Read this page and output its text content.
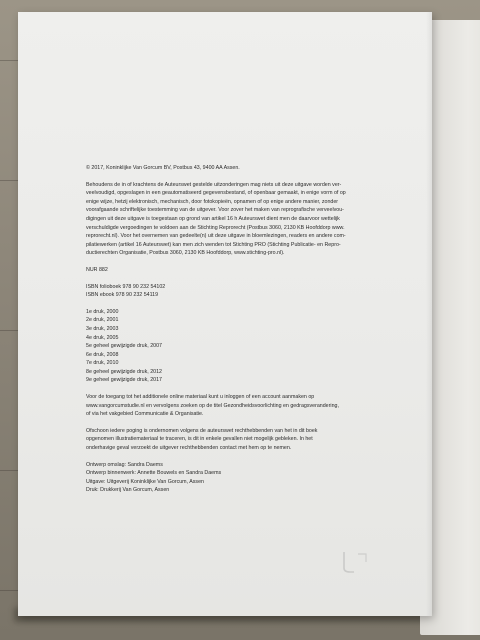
© 2017, Koninklijke Van Gorcum BV, Postbus 43, 9400 AA Assen.

Behoudens de in of krachtens de Auteurswet gestelde uitzonderingen mag niets uit deze uitgave worden ver-
veelvoudigd, opgeslagen in een geautomatiseerd gegevensbestand, of openbaar gemaakt, in enige vorm of op
enige wijze, hetzij elektronisch, mechanisch, door fotokopieën, opnamen of op enige andere manier, zonder
voorafgaande schriftelijke toestemming van de uitgever. Voor zover het maken van reprografische verveelvou-
digingen uit deze uitgave is toegestaan op grond van artikel 16 h Auteurswet dient men de daarvoor wettelijk
verschuldigde vergoedingen te voldoen aan de Stichting Reprorecht (Postbus 3060, 2130 KB Hoofddorp www.
reprorecht.nl). Voor het overnemen van gedeelte(n) uit deze uitgave in bloemlezingen, readers en andere com-
pilatiewerken (artikel 16 Auteurswet) kan men zich wenden tot Stichting PRO (Stichting Publicatie- en Repro-
ductierechten Organisatie, Postbus 3060, 2130 KB Hoofddorp, www.stichting-pro.nl).

NUR 882

ISBN folioboek 978 90 232 54102
ISBN ebook 978 90 232 54119

1e druk, 2000
2e druk, 2001
3e druk, 2003
4e druk, 2005
5e geheel gewijzigde druk, 2007
6e druk, 2008
7e druk, 2010
8e geheel gewijzigde druk, 2012
9e geheel gewijzigde druk, 2017

Voor de toegang tot het additionele online materiaal kunt u inloggen of een account aanmaken op
www.vangorcumstudie.nl en vervolgens zoeken op de titel Gezondheidsvoorlichting en gedragsverandering,
of via het vakgebied Communicatie & Organisatie.

Ofschoon iedere poging is ondernomen volgens de auteurswet rechthebbenden van het in dit boek
opgenomen illustratiemateriaal te traceren, is dit in enkele gevallen niet mogelijk gebleken. In het
onderhavige geval verzoekt de uitgever rechthebbenden contact met hem op te nemen.

Ontwerp omslag: Sandra Daems
Ontwerp binnenwerk: Annette Bouwels en Sandra Daems
Uitgave: Uitgeverij Koninklijke Van Gorcum, Assen
Druk: Drukkerij Van Gorcum, Assen
